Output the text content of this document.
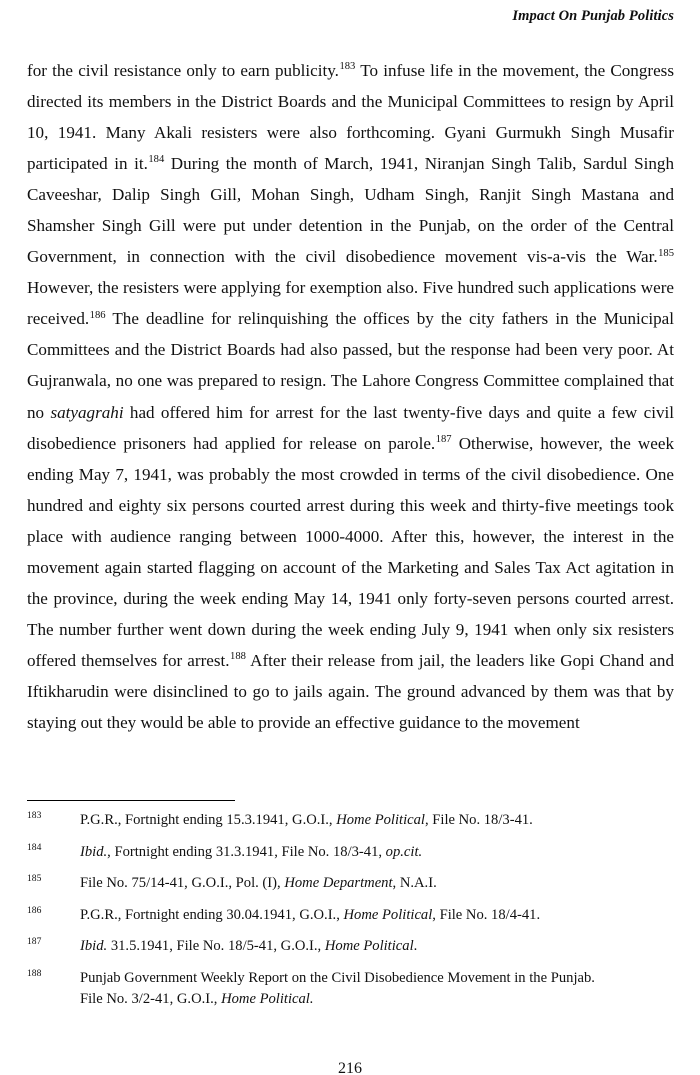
Impact On Punjab Politics

for the civil resistance only to earn publicity.$^{183}$ To infuse life in the movement, the Congress directed its members in the District Boards and the Municipal Committees to resign by April 10, 1941. Many Akali resisters were also forthcoming. Gyani Gurmukh Singh Musafir participated in it.$^{184}$ During the month of March, 1941, Niranjan Singh Talib, Sardul Singh Caveeshar, Dalip Singh Gill, Mohan Singh, Udham Singh, Ranjit Singh Mastana and Shamsher Singh Gill were put under detention in the Punjab, on the order of the Central Government, in connection with the civil disobedience movement vis-a-vis the War.$^{185}$ However, the resisters were applying for exemption also. Five hundred such applications were received.$^{186}$ The deadline for relinquishing the offices by the city fathers in the Municipal Committees and the District Boards had also passed, but the response had been very poor. At Gujranwala, no one was prepared to resign. The Lahore Congress Committee complained that no satyagrahi had offered him for arrest for the last twenty-five days and quite a few civil disobedience prisoners had applied for release on parole.$^{187}$ Otherwise, however, the week ending May 7, 1941, was probably the most crowded in terms of the civil disobedience. One hundred and eighty six persons courted arrest during this week and thirty-five meetings took place with audience ranging between 1000-4000. After this, however, the interest in the movement again started flagging on account of the Marketing and Sales Tax Act agitation in the province, during the week ending May 14, 1941 only forty-seven persons courted arrest. The number further went down during the week ending July 9, 1941 when only six resisters offered themselves for arrest.$^{188}$ After their release from jail, the leaders like Gopi Chand and Iftikharudin were disinclined to go to jails again. The ground advanced by them was that by staying out they would be able to provide an effective guidance to the movement

183	P.G.R., Fortnight ending 15.3.1941, G.O.I., Home Political, File No. 18/3-41.
184	Ibid., Fortnight ending 31.3.1941, File No. 18/3-41, op.cit.
185	File No. 75/14-41, G.O.I., Pol. (I), Home Department, N.A.I.
186	P.G.R., Fortnight ending 30.04.1941, G.O.I., Home Political, File No. 18/4-41.
187	Ibid. 31.5.1941, File No. 18/5-41, G.O.I., Home Political.
188	Punjab Government Weekly Report on the Civil Disobedience Movement in the Punjab.
File No. 3/2-41, G.O.I., Home Political.
216
